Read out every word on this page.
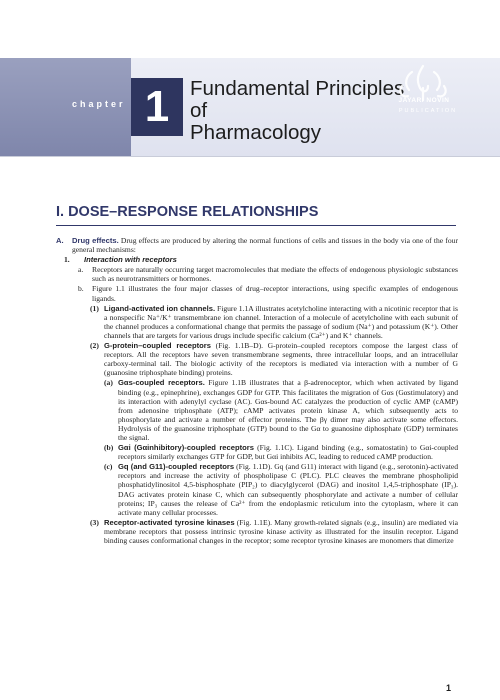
chapter 1	Fundamental Principles of
Pharmacology
JAYARI NOVIN
PUBLICATION
I. DOSE–RESPONSE RELATIONSHIPS
A. Drug effects. Drug effects are produced by altering the normal functions of cells and tissues in the body via one of the four general mechanisms:

1. Interaction with receptors

a. Receptors are naturally occurring target macromolecules that mediate the effects of endogenous physiologic substances such as neurotransmitters or hormones.

b. Figure 1.1 illustrates the four major classes of drug–receptor interactions, using specific examples of endogenous ligands.

(1) Ligand-activated ion channels. Figure 1.1A illustrates acetylcholine interacting with a nicotinic receptor that is a nonspecific Na⁺/K⁺ transmembrane ion channel. Interaction of a molecule of acetylcholine with each subunit of the channel produces a conformational change that permits the passage of sodium (Na⁺) and potassium (K⁺). Other channels that are targets for various drugs include specific calcium (Ca²⁺) and K⁺ channels.

(2) G-protein–coupled receptors (Fig. 1.1B–D). G-protein–coupled receptors compose the largest class of receptors. All the receptors have seven transmembrane segments, three intracellular loops, and an intracellular carboxy-terminal tail. The biologic activity of the receptors is mediated via interaction with a number of G (guanosine triphosphate binding) proteins.

(a) Gαs-coupled receptors. Figure 1.1B illustrates that a β-adrenoceptor, which when activated by ligand binding (e.g., epinephrine), exchanges GDP for GTP. This facilitates the migration of Gαs (Gαstimulatory) and its interaction with adenylyl cyclase (AC). Gαs-bound AC catalyzes the production of cyclic AMP (cAMP) from adenosine triphosphate (ATP); cAMP activates protein kinase A, which subsequently acts to phosphorylate and activate a number of effector proteins. The βγ dimer may also activate some effectors. Hydrolysis of the guanosine triphosphate (GTP) bound to the Gα to guanosine diphosphate (GDP) terminates the signal.

(b) Gαi (Gαinhibitory)-coupled receptors (Fig. 1.1C). Ligand binding (e.g., somatostatin) to Gαi-coupled receptors similarly exchanges GTP for GDP, but Gαi inhibits AC, leading to reduced cAMP production.

(c) Gq (and G11)-coupled receptors (Fig. 1.1D). Gq (and G11) interact with ligand (e.g., serotonin)-activated receptors and increase the activity of phospholipase C (PLC). PLC cleaves the membrane phospholipid phosphatidylinositol 4,5-bisphosphate (PIP₂) to diacylglycerol (DAG) and inositol 1,4,5-triphosphate (IP₃). DAG activates protein kinase C, which can subsequently phosphorylate and activate a number of cellular proteins; IP₃ causes the release of Ca²⁺ from the endoplasmic reticulum into the cytoplasm, where it can activate many cellular processes.

(3) Receptor-activated tyrosine kinases (Fig. 1.1E). Many growth-related signals (e.g., insulin) are mediated via membrane receptors that possess intrinsic tyrosine kinase activity as illustrated for the insulin receptor. Ligand binding causes conformational changes in the receptor; some receptor tyrosine kinases are monomers that dimerize

1
